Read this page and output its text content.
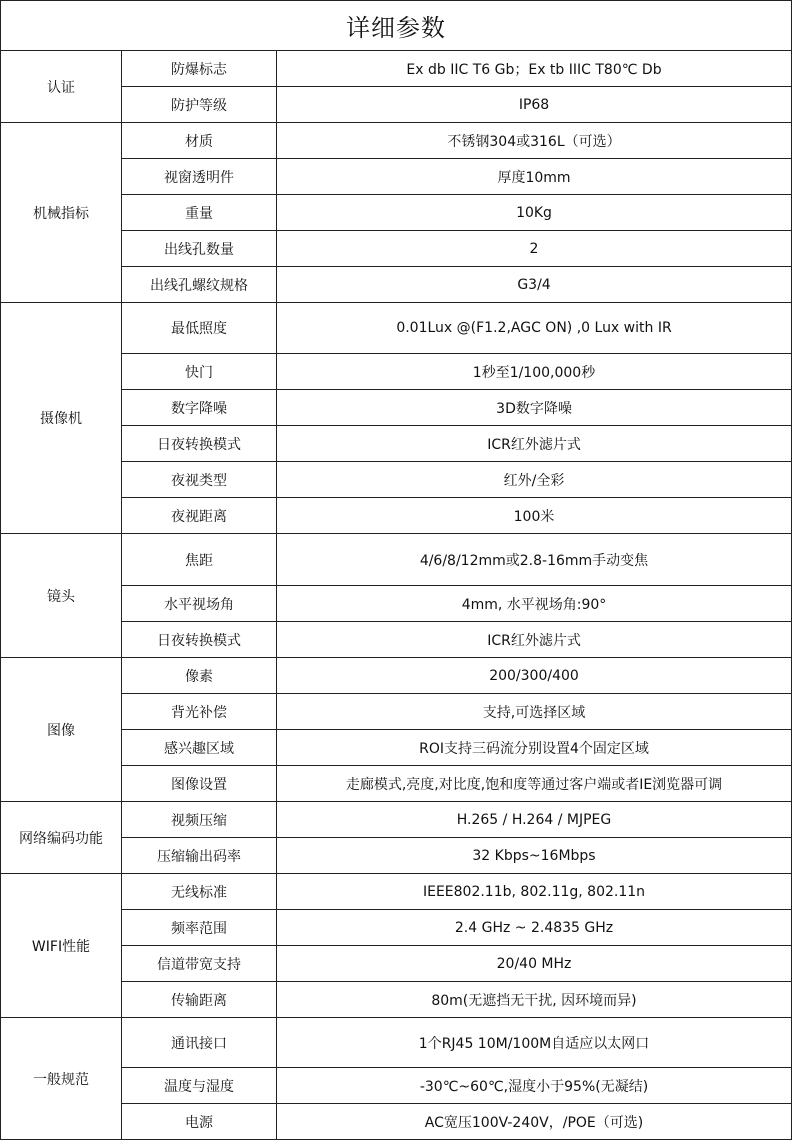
详细参数		
认证	防爆标志	Ex db IIC T6 Gb；Ex tb IIIC T80℃ Db
	防护等级	IP68
机械指标	材质	不锈钢304或316L（可选）
	视窗透明件	厚度10mm
	重量	10Kg
	出线孔数量	2
	出线孔螺纹规格	G3/4
摄像机	最低照度	0.01Lux @(F1.2,AGC ON) ,0 Lux with IR
	快门	1秒至1/100,000秒
	数字降噪	3D数字降噪
	日夜转换模式	ICR红外滤片式
	夜视类型	红外/全彩
	夜视距离	100米
镜头	焦距	4/6/8/12mm或2.8-16mm手动变焦
	水平视场角	4mm, 水平视场角:90°
	日夜转换模式	ICR红外滤片式
图像	像素	200/300/400
	背光补偿	支持,可选择区域
	感兴趣区域	ROI支持三码流分别设置4个固定区域
	图像设置	走廊模式,亮度,对比度,饱和度等通过客户端或者IE浏览器可调
网络编码功能	视频压缩	H.265 / H.264 / MJPEG
	压缩输出码率	32 Kbps~16Mbps
WIFI性能	无线标准	IEEE802.11b, 802.11g, 802.11n
	频率范围	2.4 GHz ~ 2.4835 GHz
	信道带宽支持	20/40 MHz
	传输距离	80m(无遮挡无干扰, 因环境而异)
一般规范	通讯接口	1个RJ45 10M/100M自适应以太网口
	温度与湿度	-30℃~60℃,湿度小于95%(无凝结)
	电源	AC宽压100V-240V，/POE（可选)
